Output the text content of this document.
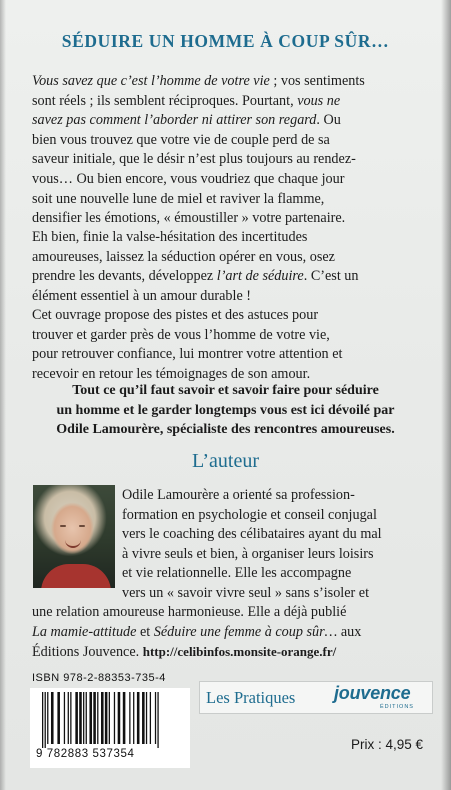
SÉDUIRE UN HOMME À COUP SÛR…
Vous savez que c’est l’homme de votre vie ; vos sentiments
sont réels ; ils semblent réciproques. Pourtant, vous ne
savez pas comment l’aborder ni attirer son regard. Ou
bien vous trouvez que votre vie de couple perd de sa
saveur initiale, que le désir n’est plus toujours au rendez-
vous… Ou bien encore, vous voudriez que chaque jour
soit une nouvelle lune de miel et raviver la flamme,
densifier les émotions, « émoustiller » votre partenaire.
Eh bien, finie la valse-hésitation des incertitudes
amoureuses, laissez la séduction opérer en vous, osez
prendre les devants, développez l’art de séduire. C’est un
élément essentiel à un amour durable !
Cet ouvrage propose des pistes et des astuces pour
trouver et garder près de vous l’homme de votre vie,
pour retrouver confiance, lui montrer votre attention et
recevoir en retour les témoignages de son amour.
Tout ce qu’il faut savoir et savoir faire pour séduire
un homme et le garder longtemps vous est ici dévoilé par
Odile Lamourère, spécialiste des rencontres amoureuses.
L’auteur
Odile Lamourère a orienté sa profession-
formation en psychologie et conseil conjugal
vers le coaching des célibataires ayant du mal
à vivre seuls et bien, à organiser leurs loisirs
et vie relationnelle. Elle les accompagne
vers un « savoir vivre seul » sans s’isoler et
une relation amoureuse harmonieuse. Elle a déjà publié
La mamie-attitude et Séduire une femme à coup sûr… aux
Éditions Jouvence. http://celibinfos.monsite-orange.fr/
ISBN 978-2-88353-735-4
9 782883 537354
Les Pratiques jouvence
ÉDITIONS
Prix : 4,95 €
